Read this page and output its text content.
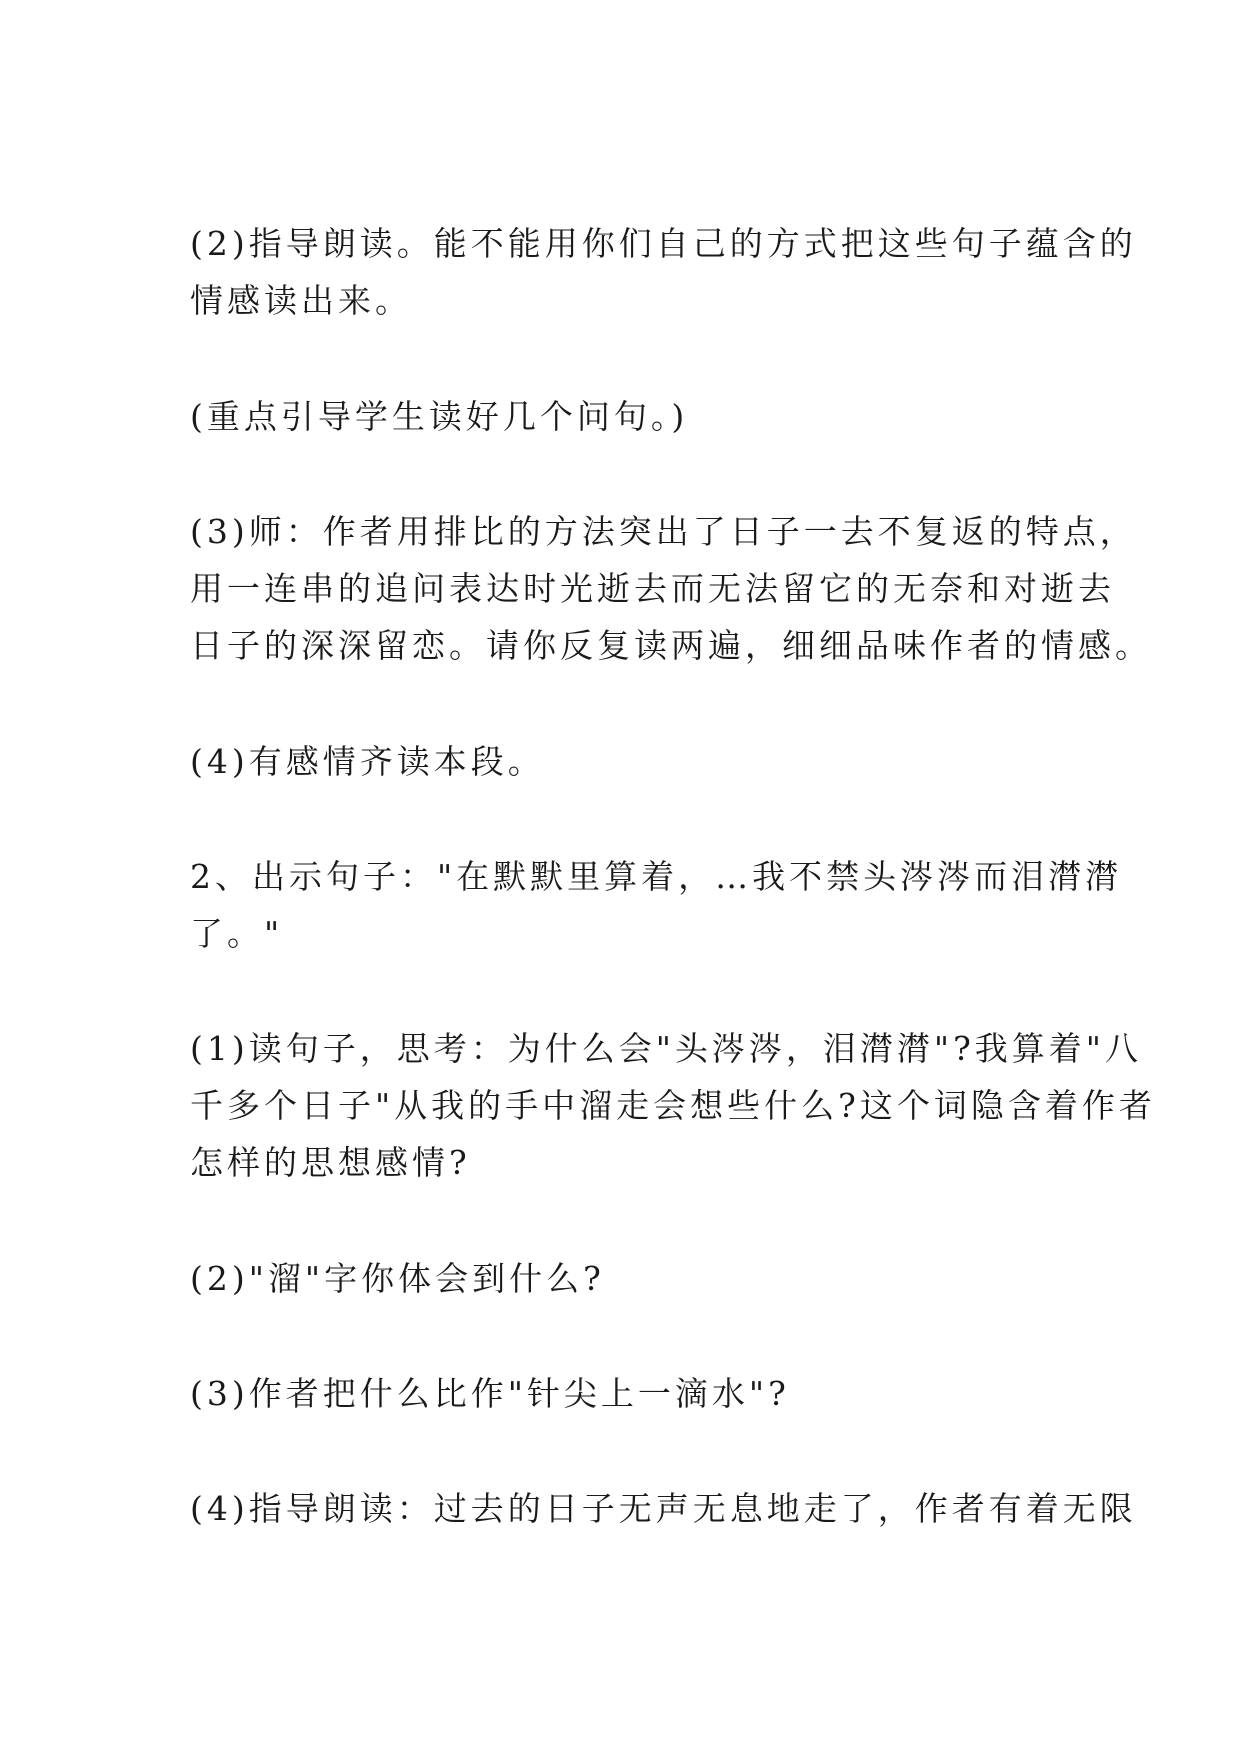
(2)指导朗读。能不能用你们自己的方式把这些句子蕴含的
情感读出来。
(重点引导学生读好几个问句。)
(3)师：作者用排比的方法突出了日子一去不复返的特点，
用一连串的追问表达时光逝去而无法留它的无奈和对逝去
日子的深深留恋。请你反复读两遍，细细品味作者的情感。
(4)有感情齐读本段。
2、出示句子："在默默里算着，…我不禁头涔涔而泪潸潸
了。"
(1)读句子，思考：为什么会"头涔涔，泪潸潸"?我算着"八
千多个日子"从我的手中溜走会想些什么?这个词隐含着作者
怎样的思想感情?
(2)"溜"字你体会到什么?
(3)作者把什么比作"针尖上一滴水"?
(4)指导朗读：过去的日子无声无息地走了，作者有着无限
